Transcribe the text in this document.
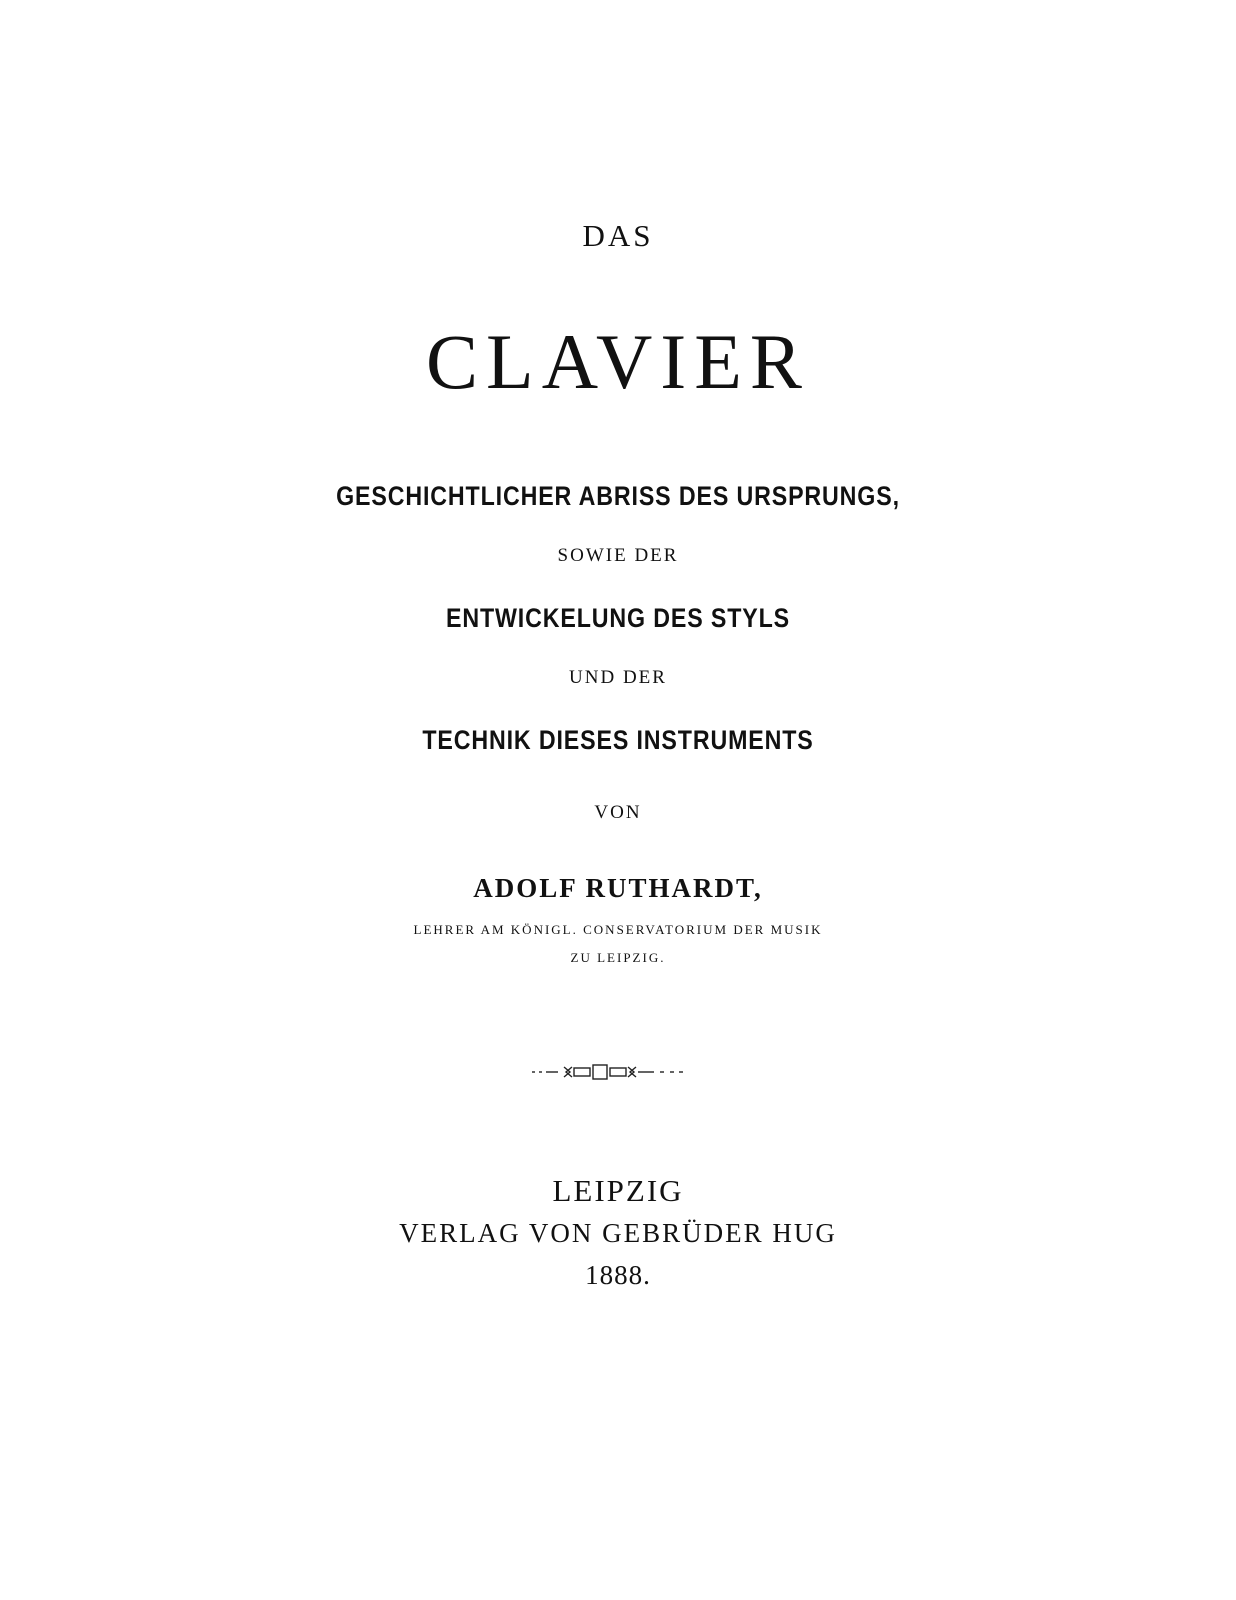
DAS
CLAVIER
GESCHICHTLICHER ABRISS DES URSPRUNGS,
SOWIE DER
ENTWICKELUNG DES STYLS
UND DER
TECHNIK DIESES INSTRUMENTS
VON
ADOLF RUTHARDT,
LEHRER AM KÖNIGL. CONSERVATORIUM DER MUSIK
ZU LEIPZIG.
LEIPZIG
VERLAG VON GEBRÜDER HUG
1888.
